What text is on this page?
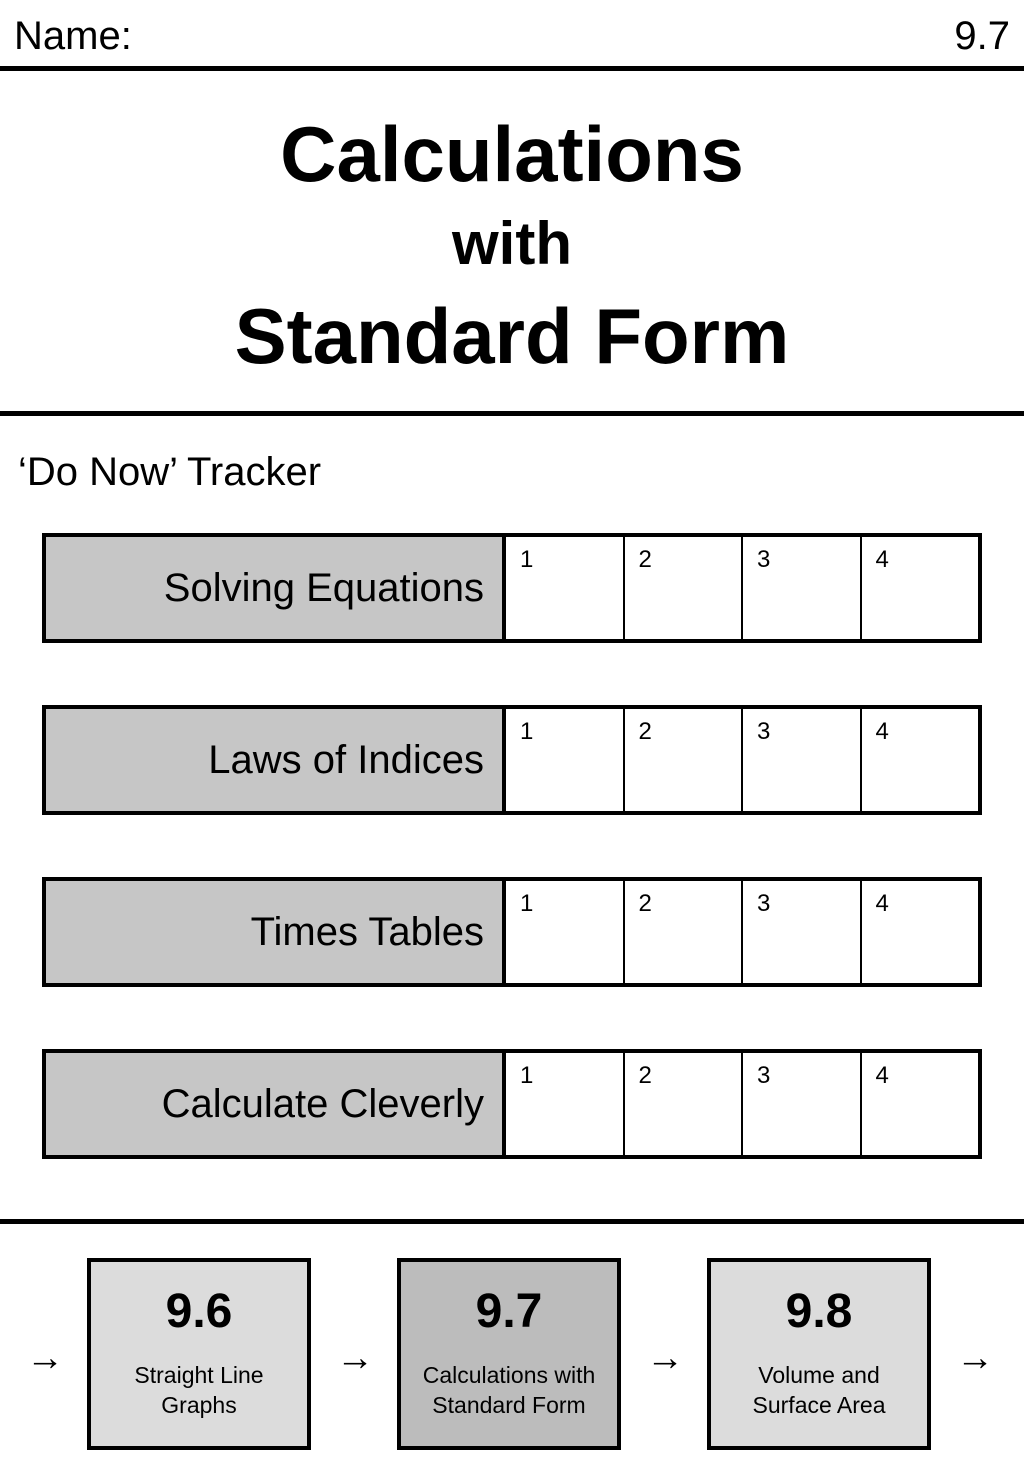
Name:	9.7
Calculations
with
Standard Form
‘Do Now’ Tracker
Solving Equations
1	2	3	4
Laws of Indices
1	2	3	4
Times Tables
1	2	3	4
Calculate Cleverly
1	2	3	4
→
9.6
Straight Line
Graphs
→
9.7
Calculations with
Standard Form
→
9.8
Volume and
Surface Area
→
